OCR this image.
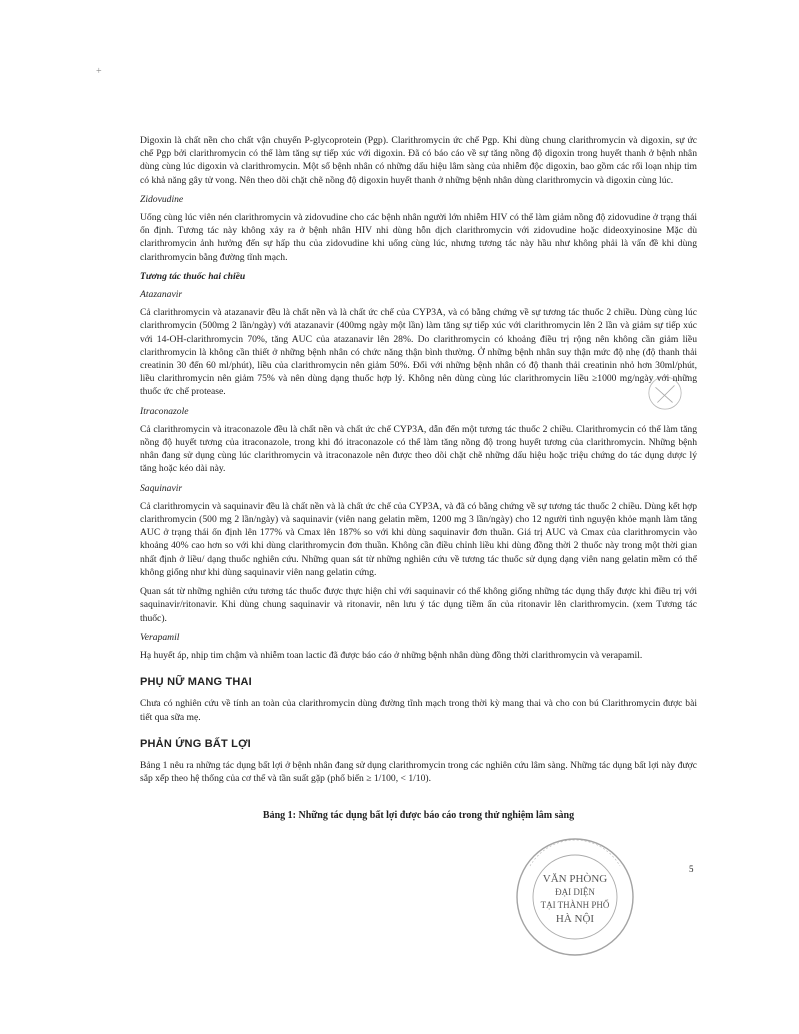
+

Digoxin là chất nền cho chất vận chuyển P-glycoprotein (Pgp). Clarithromycin ức chế Pgp. Khi dùng chung clarithromycin và digoxin, sự ức chế Pgp bởi clarithromycin có thể làm tăng sự tiếp xúc với digoxin. Đã có báo cáo về sự tăng nồng độ digoxin trong huyết thanh ở bệnh nhân dùng cùng lúc digoxin và clarithromycin. Một số bệnh nhân có những dấu hiệu lâm sàng của nhiễm độc digoxin, bao gồm các rối loạn nhịp tim có khả năng gây tử vong. Nên theo dõi chặt chẽ nồng độ digoxin huyết thanh ở những bệnh nhân dùng clarithromycin và digoxin cùng lúc.

Zidovudine

Uống cùng lúc viên nén clarithromycin và zidovudine cho các bệnh nhân người lớn nhiễm HIV có thể làm giảm nồng độ zidovudine ở trạng thái ổn định. Tương tác này không xảy ra ở bệnh nhân HIV nhi dùng hỗn dịch clarithromycin với zidovudine hoặc dideoxyinosine Mặc dù clarithromycin ảnh hưởng đến sự hấp thu của zidovudine khi uống cùng lúc, nhưng tương tác này hầu như không phải là vấn đề khi dùng clarithromycin bằng đường tĩnh mạch.

Tương tác thuốc hai chiều
Atazanavir

Cả clarithromycin và atazanavir đều là chất nền và là chất ức chế của CYP3A, và có bằng chứng về sự tương tác thuốc 2 chiều. Dùng cùng lúc clarithromycin (500mg 2 lần/ngày) với atazanavir (400mg ngày một lần) làm tăng sự tiếp xúc với clarithromycin lên 2 lần và giảm sự tiếp xúc với 14-OH-clarithromycin 70%, tăng AUC của atazanavir lên 28%. Do clarithromycin có khoảng điều trị rộng nên không cần giảm liều clarithromycin là không cần thiết ở những bệnh nhân có chức năng thận bình thường. Ở những bệnh nhân suy thận mức độ nhẹ (độ thanh thải creatinin 30 đến 60 ml/phút), liều của clarithromycin nên giảm 50%. Đối với những bệnh nhân có độ thanh thải creatinin nhỏ hơn 30ml/phút, liều clarithromycin nên giảm 75% và nên dùng dạng thuốc hợp lý. Không nên dùng cùng lúc clarithromycin liều ≥1000 mg/ngày với những thuốc ức chế protease.

Itraconazole

Cả clarithromycin và itraconazole đều là chất nền và chất ức chế CYP3A, dẫn đến một tương tác thuốc 2 chiều. Clarithromycin có thể làm tăng nồng độ huyết tương của itraconazole, trong khi đó itraconazole có thể làm tăng nồng độ trong huyết tương của clarithromycin. Những bệnh nhân đang sử dụng cùng lúc clarithromycin và itraconazole nên được theo dõi chặt chẽ những dấu hiệu hoặc triệu chứng do tác dụng dược lý tăng hoặc kéo dài này.

Saquinavir

Cả clarithromycin và saquinavir đều là chất nền và là chất ức chế của CYP3A, và đã có bằng chứng về sự tương tác thuốc 2 chiều. Dùng kết hợp clarithromycin (500 mg 2 lần/ngày) và saquinavir (viên nang gelatin mềm, 1200 mg 3 lần/ngày) cho 12 người tình nguyện khỏe mạnh làm tăng AUC ở trạng thái ổn định lên 177% và Cmax lên 187% so với khi dùng saquinavir đơn thuần. Giá trị AUC và Cmax của clarithromycin vào khoảng 40% cao hơn so với khi dùng clarithromycin đơn thuần. Không cần điều chỉnh liều khi dùng đồng thời 2 thuốc này trong một thời gian nhất định ở liều/ dạng thuốc nghiên cứu. Những quan sát từ những nghiên cứu về tương tác thuốc sử dụng dạng viên nang gelatin mềm có thể không giống như khi dùng saquinavir viên nang gelatin cứng.

Quan sát từ những nghiên cứu tương tác thuốc được thực hiện chỉ với saquinavir có thể không giống những tác dụng thấy được khi điều trị với saquinavir/ritonavir. Khi dùng chung saquinavir và ritonavir, nên lưu ý tác dụng tiềm ẩn của ritonavir lên clarithromycin. (xem Tương tác thuốc).

Verapamil

Hạ huyết áp, nhịp tim chậm và nhiễm toan lactic đã được báo cáo ở những bệnh nhân dùng đồng thời clarithromycin và verapamil.

PHỤ NỮ MANG THAI

Chưa có nghiên cứu về tính an toàn của clarithromycin dùng đường tĩnh mạch trong thời kỳ mang thai và cho con bú Clarithromycin được bài tiết qua sữa mẹ.

PHẢN ỨNG BẤT LỢI

Bảng 1 nêu ra những tác dụng bất lợi ở bệnh nhân đang sử dụng clarithromycin trong các nghiên cứu lâm sàng. Những tác dụng bất lợi này được sắp xếp theo hệ thống của cơ thể và tần suất gặp (phổ biến ≥ 1/100, < 1/10).

Bảng 1: Những tác dụng bất lợi được báo cáo trong thử nghiệm lâm sàng
5
VĂN PHÒNG
ĐẠI DIỆN
TẠI THÀNH PHỐ
HÀ NỘI
